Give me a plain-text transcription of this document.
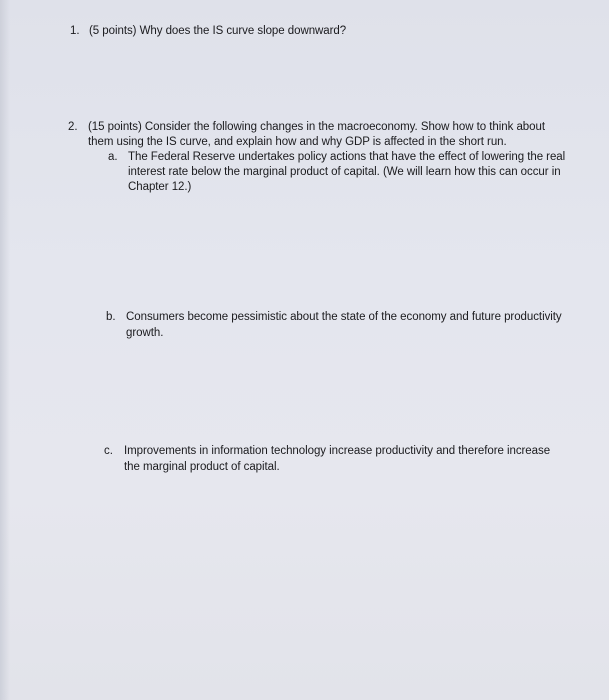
1. (5 points) Why does the IS curve slope downward?
2. (15 points) Consider the following changes in the macroeconomy. Show how to think about
them using the IS curve, and explain how and why GDP is affected in the short run.
a. The Federal Reserve undertakes policy actions that have the effect of lowering the real
interest rate below the marginal product of capital. (We will learn how this can occur in
Chapter 12.)
b. Consumers become pessimistic about the state of the economy and future productivity
growth.
c. Improvements in information technology increase productivity and therefore increase
the marginal product of capital.
